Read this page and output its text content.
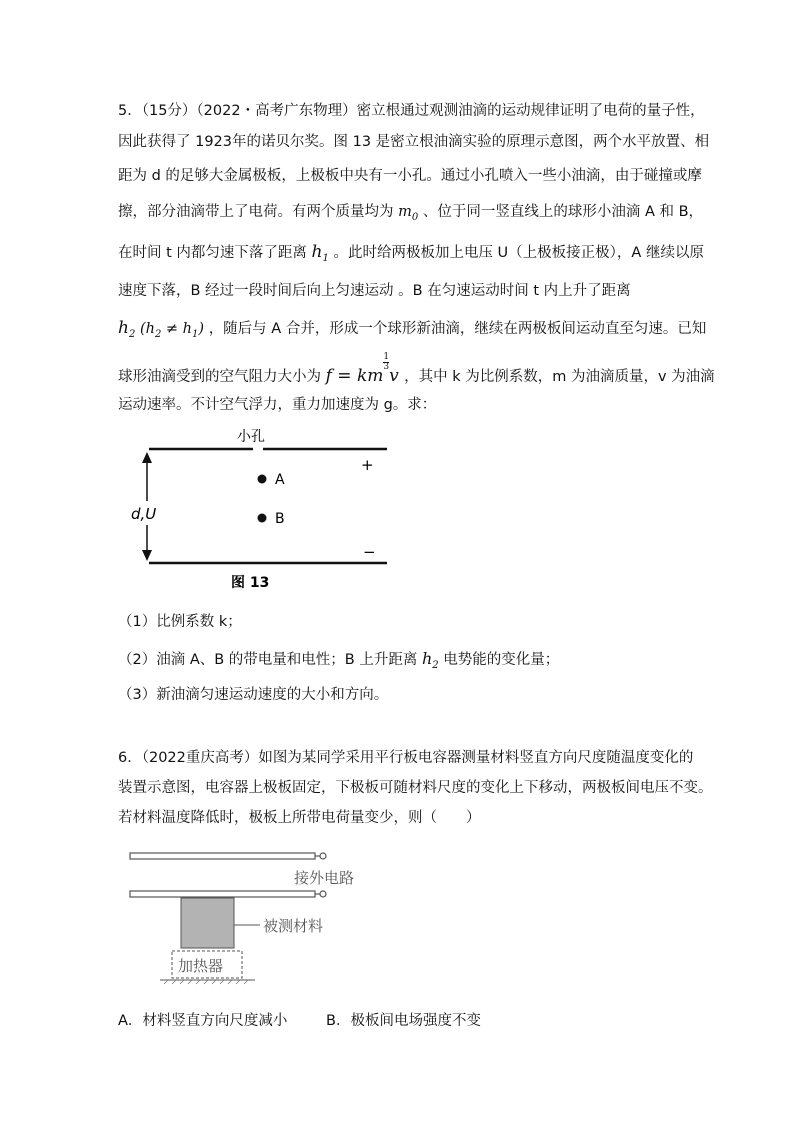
5．（15分）（2022・高考广东物理）密立根通过观测油滴的运动规律证明了电荷的量子性，
因此获得了 1923年的诺贝尔奖。图 13 是密立根油滴实验的原理示意图，两个水平放置、相
距为 d 的足够大金属极板，上极板中央有一小孔。通过小孔喷入一些小油滴，由于碰撞或摩
擦，部分油滴带上了电荷。有两个质量均为 $m_0$ 、位于同一竖直线上的球形小油滴 A 和 B，
在时间 t 内都匀速下落了距离 $h_1$ 。此时给两极板加上电压 U（上极板接正极），A 继续以原
速度下落，B 经过一段时间后向上匀速运动 。B 在匀速运动时间 t 内上升了距离
$h_2$ $(h_2 \ne h_1)$ ，随后与 A 合并，形成一个球形新油滴，继续在两极板间运动直至匀速。已知
球形油滴受到的空气阻力大小为 f = km
$\frac{1}{3}$
v ，其中 k 为比例系数，m 为油滴质量，v 为油滴
运动速率。不计空气浮力，重力加速度为 g。求：
小孔
+
−
A
B
d,U
图 13
（1）比例系数 k；
（2）油滴 A、B 的带电量和电性；B 上升距离 $h_2$ 电势能的变化量；
（3）新油滴匀速运动速度的大小和方向。
6．（2022重庆高考）如图为某同学采用平行板电容器测量材料竖直方向尺度随温度变化的
装置示意图，电容器上极板固定，下极板可随材料尺度的变化上下移动，两极板间电压不变。
若材料温度降低时，极板上所带电荷量变少，则（　　）
接外电路
被测材料
加热器
A．材料竖直方向尺度减小	B．极板间电场强度不变
